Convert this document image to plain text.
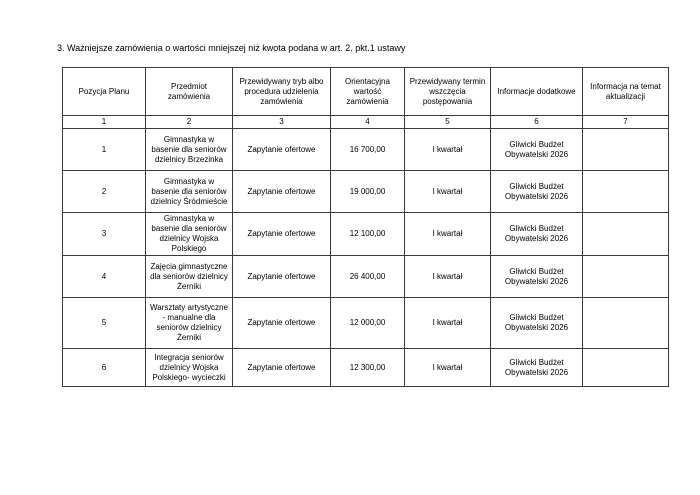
3. Ważniejsze zamówienia o wartości mniejszej niż kwota podana w art. 2. pkt.1 ustawy
Pozycja Planu	Przedmiot zamówienia	Przewidywany tryb albo procedura udzielenia zamówienia	Orientacyjna wartość zamówienia	Przewidywany termin wszczęcia postępowania	Informacje dodatkowe	Informacja na temat aktualizacji
1	2	3	4	5	6	7
1	Gimnastyka w basenie dla seniorów dzielnicy Brzezinka	Zapytanie ofertowe	16 700,00	I kwartał	Gliwicki Budżet Obywatelski 2026	
2	Gimnastyka w basenie dla seniorów dzielnicy Śródmieście	Zapytanie ofertowe	19 000,00	I kwartał	Gliwicki Budżet Obywatelski 2026	
3	Gimnastyka w basenie dla seniorów dzielnicy Wojska Polskiego	Zapytanie ofertowe	12 100,00	I kwartał	Gliwicki Budżet Obywatelski 2026	
4	Zajęcia gimnastyczne dla seniorów dzielnicy Żerniki	Zapytanie ofertowe	26 400,00	I kwartał	Gliwicki Budżet Obywatelski 2026	
5	Warsztaty artystyczne - manualne dla seniorów dzielnicy Żerniki	Zapytanie ofertowe	12 000,00	I kwartał	Gliwicki Budżet Obywatelski 2026	
6	Integracja seniorów dzielnicy Wojska Polskiego- wycieczki	Zapytanie ofertowe	12 300,00	I kwartał	Gliwicki Budżet Obywatelski 2026	
